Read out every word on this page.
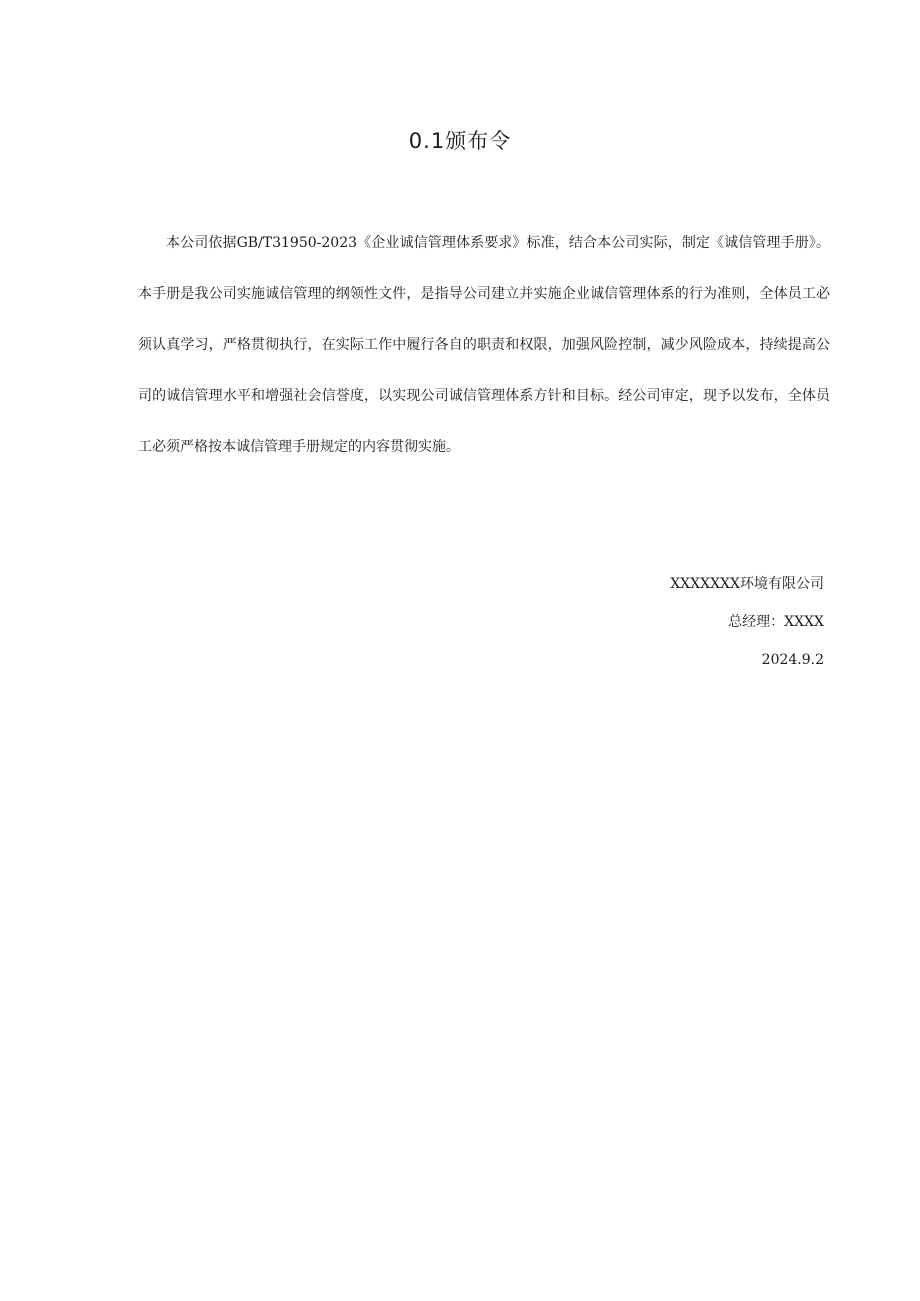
0.1颁布令

本公司依据GB/T31950-2023《企业诚信管理体系要求》标准，结合本公司实际，制定《诚信管理手册》。本手册是我公司实施诚信管理的纲领性文件，是指导公司建立并实施企业诚信管理体系的行为准则，全体员工必须认真学习，严格贯彻执行，在实际工作中履行各自的职责和权限，加强风险控制，减少风险成本，持续提高公司的诚信管理水平和增强社会信誉度，以实现公司诚信管理体系方针和目标。经公司审定，现予以发布，全体员工必须严格按本诚信管理手册规定的内容贯彻实施。

XXXXXXX环境有限公司
总经理：XXXX
2024.9.2
